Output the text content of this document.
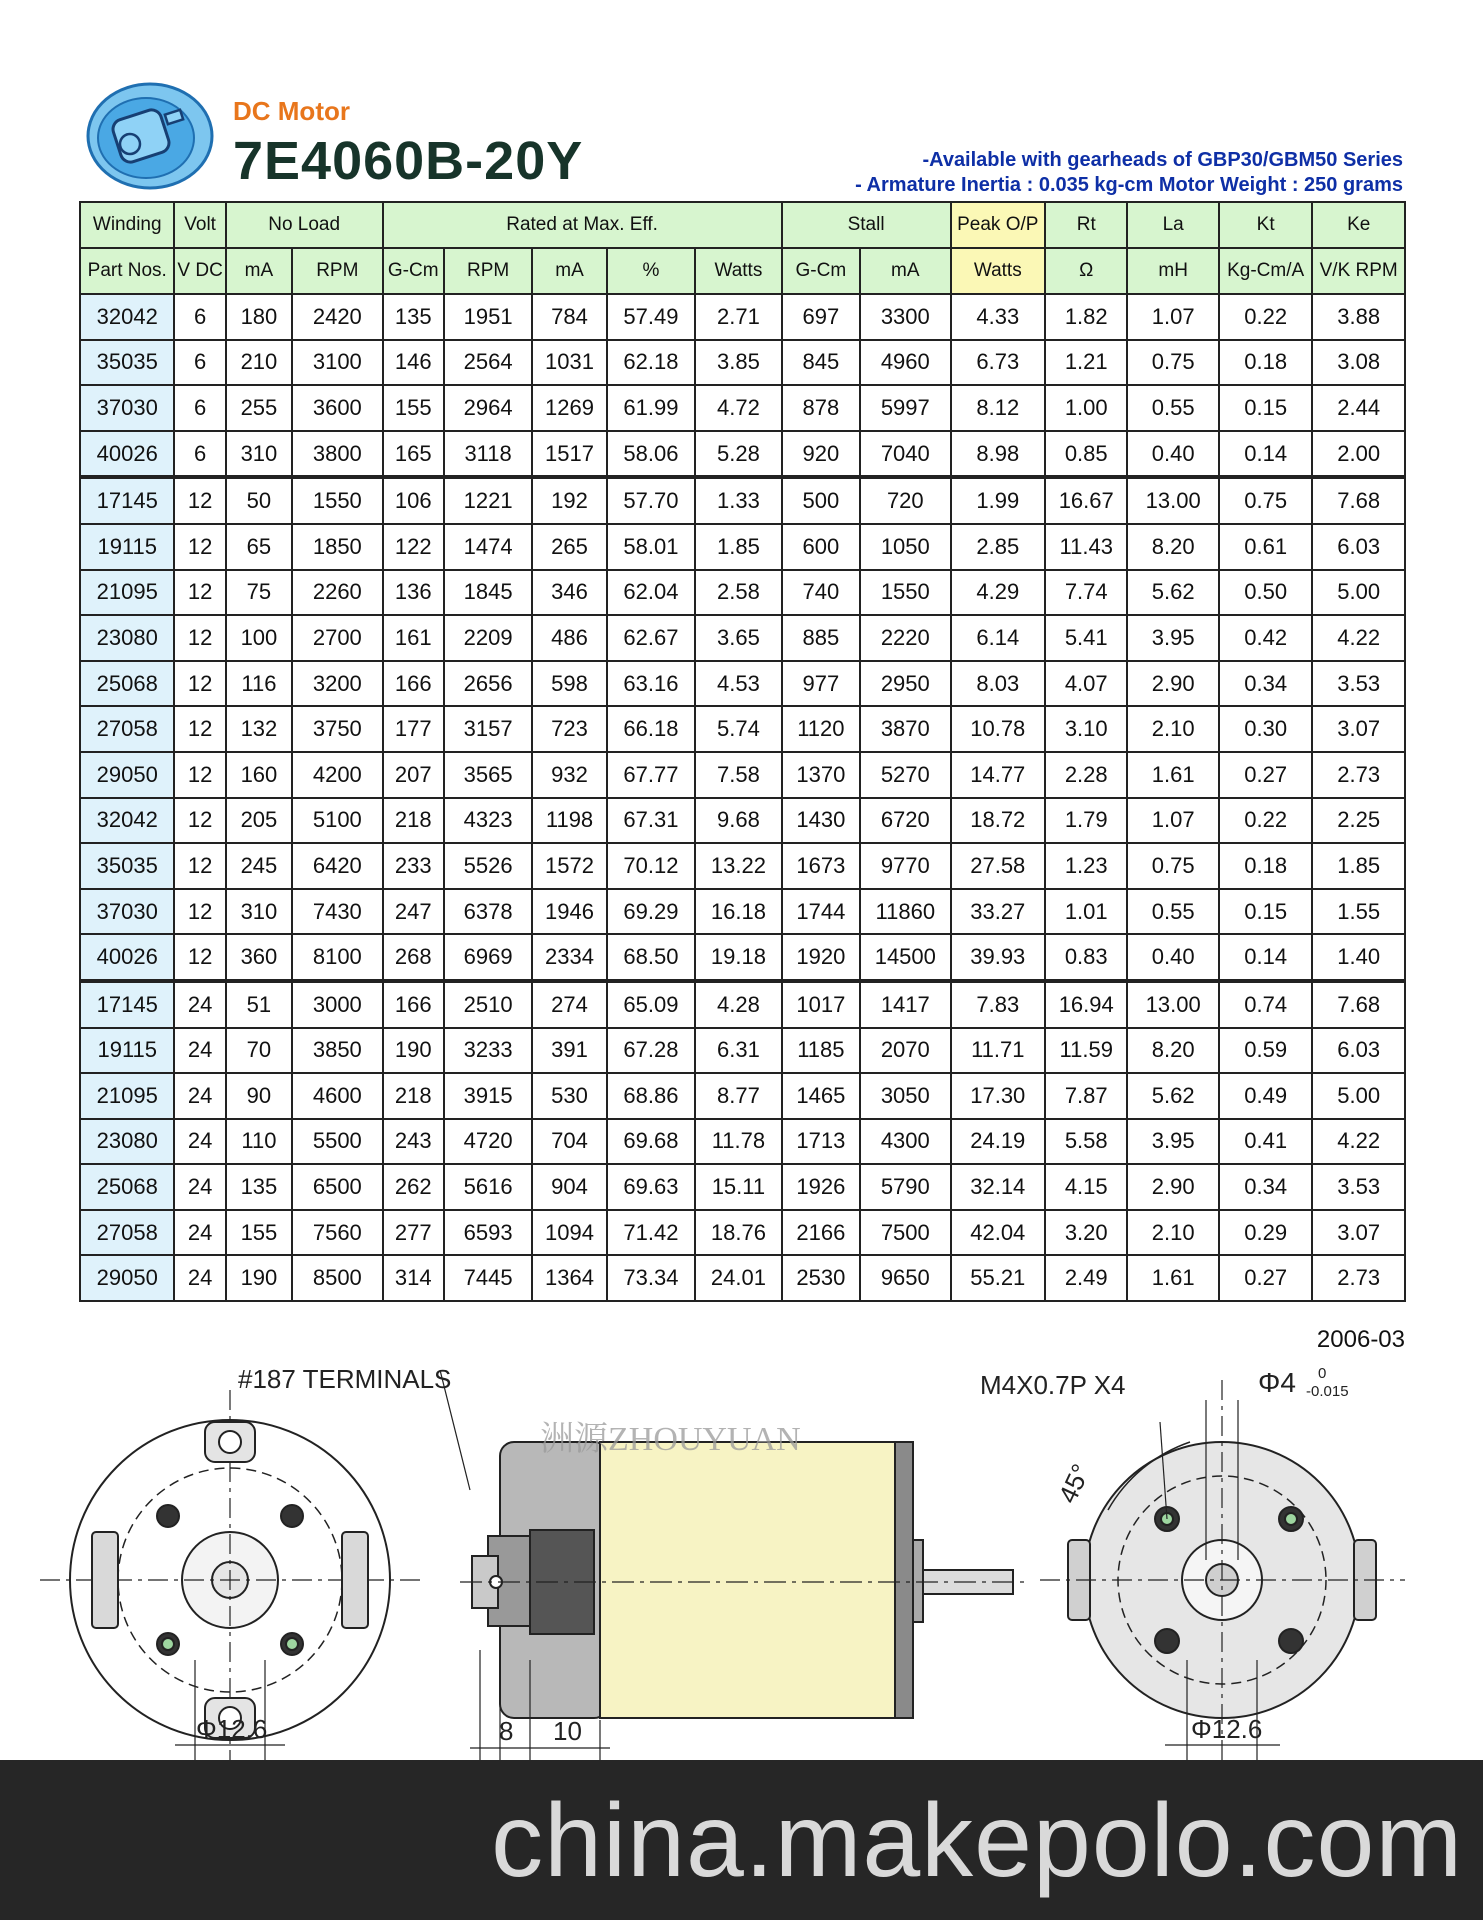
DC Motor
7E4060B-20Y	-Available with gearheads of GBP30/GBM50 Series
- Armature Inertia : 0.035 kg-cm Motor Weight : 250 grams
Winding	Volt	No Load		Rated at Max. Eff.					Stall		Peak O/P	Rt	La	Kt	Ke
Part Nos.	V DC	mA	RPM	G-Cm	RPM	mA	%	Watts	G-Cm	mA	Watts	Ω	mH	Kg-Cm/A	V/K RPM
32042	6	180	2420	135	1951	784	57.49	2.71	697	3300	4.33	1.82	1.07	0.22	3.88
35035	6	210	3100	146	2564	1031	62.18	3.85	845	4960	6.73	1.21	0.75	0.18	3.08
37030	6	255	3600	155	2964	1269	61.99	4.72	878	5997	8.12	1.00	0.55	0.15	2.44
40026	6	310	3800	165	3118	1517	58.06	5.28	920	7040	8.98	0.85	0.40	0.14	2.00
17145	12	50	1550	106	1221	192	57.70	1.33	500	720	1.99	16.67	13.00	0.75	7.68
19115	12	65	1850	122	1474	265	58.01	1.85	600	1050	2.85	11.43	8.20	0.61	6.03
21095	12	75	2260	136	1845	346	62.04	2.58	740	1550	4.29	7.74	5.62	0.50	5.00
23080	12	100	2700	161	2209	486	62.67	3.65	885	2220	6.14	5.41	3.95	0.42	4.22
25068	12	116	3200	166	2656	598	63.16	4.53	977	2950	8.03	4.07	2.90	0.34	3.53
27058	12	132	3750	177	3157	723	66.18	5.74	1120	3870	10.78	3.10	2.10	0.30	3.07
29050	12	160	4200	207	3565	932	67.77	7.58	1370	5270	14.77	2.28	1.61	0.27	2.73
32042	12	205	5100	218	4323	1198	67.31	9.68	1430	6720	18.72	1.79	1.07	0.22	2.25
35035	12	245	6420	233	5526	1572	70.12	13.22	1673	9770	27.58	1.23	0.75	0.18	1.85
37030	12	310	7430	247	6378	1946	69.29	16.18	1744	11860	33.27	1.01	0.55	0.15	1.55
40026	12	360	8100	268	6969	2334	68.50	19.18	1920	14500	39.93	0.83	0.40	0.14	1.40
17145	24	51	3000	166	2510	274	65.09	4.28	1017	1417	7.83	16.94	13.00	0.74	7.68
19115	24	70	3850	190	3233	391	67.28	6.31	1185	2070	11.71	11.59	8.20	0.59	6.03
21095	24	90	4600	218	3915	530	68.86	8.77	1465	3050	17.30	7.87	5.62	0.49	5.00
23080	24	110	5500	243	4720	704	69.68	11.78	1713	4300	24.19	5.58	3.95	0.41	4.22
25068	24	135	6500	262	5616	904	69.63	15.11	1926	5790	32.14	4.15	2.90	0.34	3.53
27058	24	155	7560	277	6593	1094	71.42	18.76	2166	7500	42.04	3.20	2.10	0.29	3.07
29050	24	190	8500	314	7445	1364	73.34	24.01	2530	9650	55.21	2.49	1.61	0.27	2.73
2006-03
Φ12.6
洲源ZHOUYUAN
#187 TERMINALS
8 10
M4X0.7P X4	Φ4 0
-0.015
45°
Φ12.6
china.makepolo.com
